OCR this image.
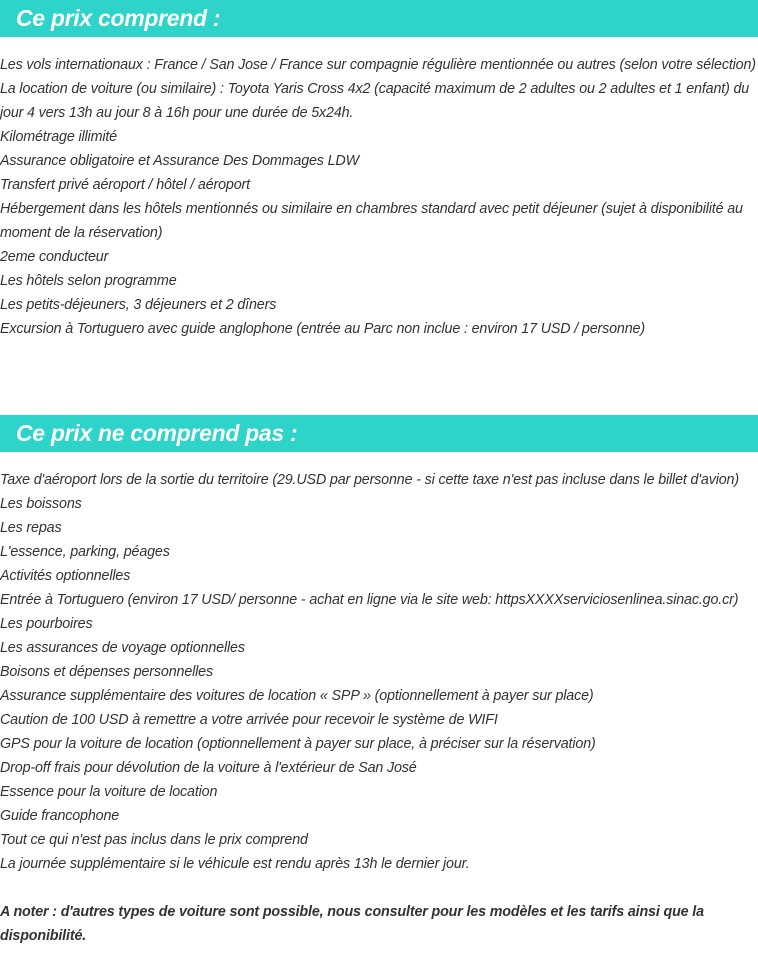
Ce prix comprend :
Les vols internationaux : France / San Jose / France sur compagnie régulière mentionnée ou autres (selon votre sélection)
La location de voiture (ou similaire) : Toyota Yaris Cross 4x2 (capacité maximum de 2 adultes ou 2 adultes et 1 enfant) du jour 4 vers 13h au jour 8 à 16h pour une durée de 5x24h.
Kilométrage illimité
Assurance obligatoire et Assurance Des Dommages LDW
Transfert privé aéroport / hôtel / aéroport
Hébergement dans les hôtels mentionnés ou similaire en chambres standard avec petit déjeuner (sujet à disponibilité au moment de la réservation)
2eme conducteur
Les hôtels selon programme
Les petits-déjeuners, 3 déjeuners et 2 dîners
Excursion à Tortuguero avec guide anglophone (entrée au Parc non inclue : environ 17 USD / personne)
Ce prix ne comprend pas :
Taxe d'aéroport lors de la sortie du territoire (29.USD par personne - si cette taxe n'est pas incluse dans le billet d'avion)
Les boissons
Les repas
L'essence, parking, péages
Activités optionnelles
Entrée à Tortuguero (environ 17 USD/ personne - achat en ligne via le site web: httpsXXXXserviciosenlinea.sinac.go.cr)
Les pourboires
Les assurances de voyage optionnelles
Boisons et dépenses personnelles
Assurance supplémentaire des voitures de location « SPP » (optionnellement à payer sur place)
Caution de 100 USD à remettre a votre arrivée pour recevoir le système de WIFI
GPS pour la voiture de location (optionnellement à payer sur place, à préciser sur la réservation)
Drop-off frais pour dévolution de la voiture à l'extérieur de San José
Essence pour la voiture de location
Guide francophone
Tout ce qui n'est pas inclus dans le prix comprend
La journée supplémentaire si le véhicule est rendu après 13h le dernier jour.

A noter : d'autres types de voiture sont possible, nous consulter pour les modèles et les tarifs ainsi que la disponibilité.
